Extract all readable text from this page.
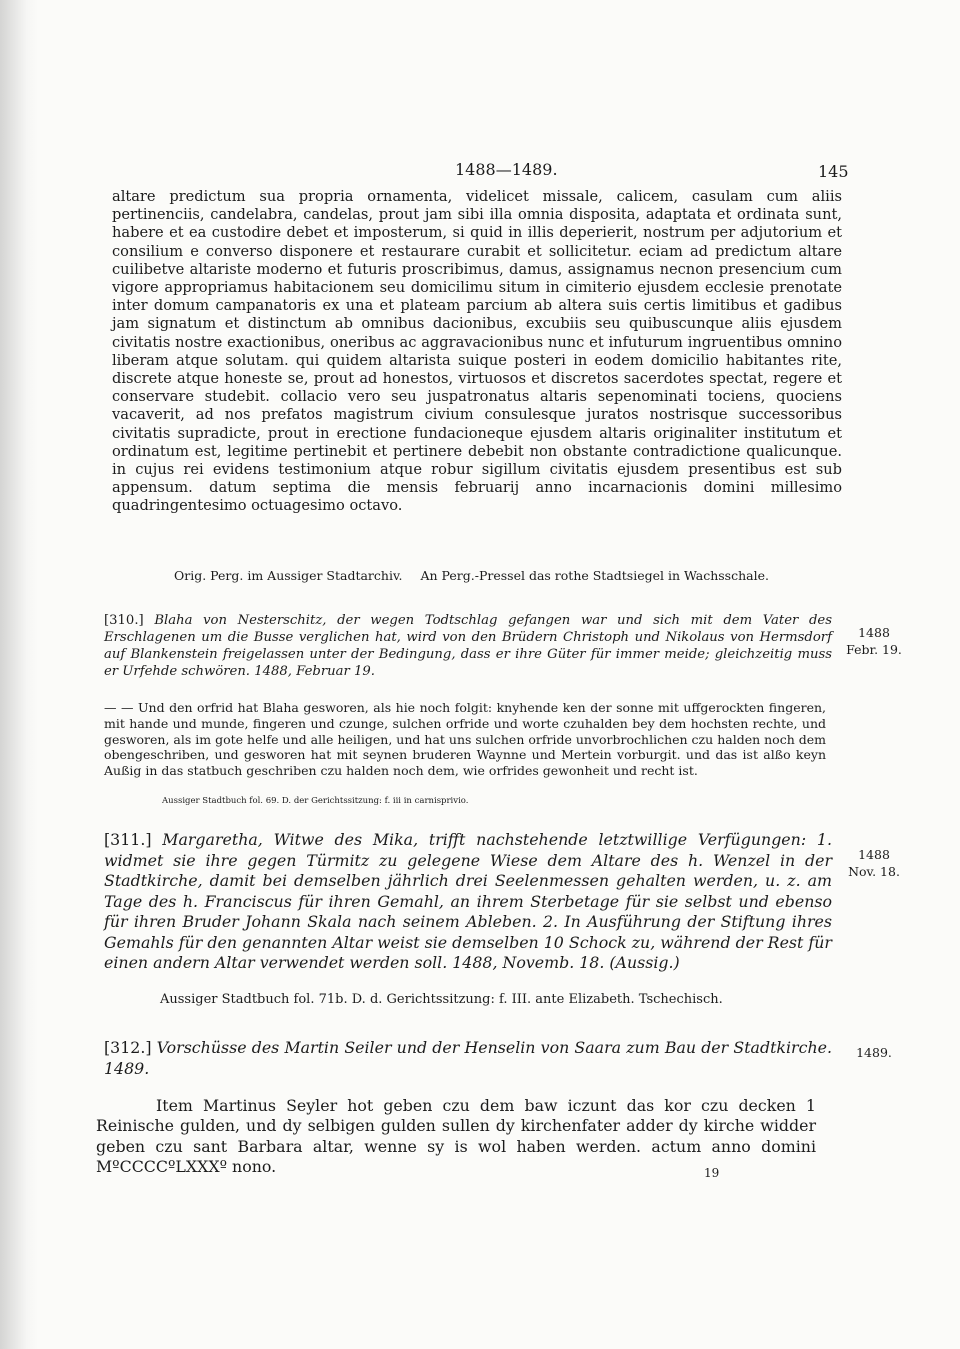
1488—1489.	145
altare predictum sua propria ornamenta, videlicet missale, calicem, casulam cum aliis pertinenciis, candelabra, candelas, prout jam sibi illa omnia disposita, adaptata et ordinata sunt, habere et ea custodire debet et imposterum, si quid in illis deperierit, nostrum per adjutorium et consilium e converso disponere et restaurare curabit et sollicitetur. eciam ad predictum altare cuilibetve altariste moderno et futuris proscribimus, damus, assignamus necnon presencium cum vigore appropriamus habitacionem seu domicilimu situm in cimiterio ejusdem ecclesie prenotate inter domum campanatoris ex una et plateam parcium ab altera suis certis limitibus et gadibus jam signatum et distinctum ab omnibus dacionibus, excubiis seu quibuscunque aliis ejusdem civitatis nostre exactionibus, oneribus ac aggravacionibus nunc et infuturum ingruentibus omnino liberam atque solutam. qui quidem altarista suique posteri in eodem domicilio habitantes rite, discrete atque honeste se, prout ad honestos, virtuosos et discretos sacerdotes spectat, regere et conservare studebit. collacio vero seu juspatronatus altaris sepenominati tociens, quociens vacaverit, ad nos prefatos magistrum civium consulesque juratos nostrisque successoribus civitatis supradicte, prout in erectione fundacioneque ejusdem altaris originaliter institutum et ordinatum est, legitime pertinebit et pertinere debebit non obstante contradictione qualicunque. in cujus rei evidens testimonium atque robur sigillum civitatis ejusdem presentibus est sub appensum. datum septima die mensis februarij anno incarnacionis domini millesimo quadringentesimo octuagesimo octavo.
Orig. Perg. im Aussiger Stadtarchiv. An Perg.-Pressel das rothe Stadtsiegel in Wachsschale.
[310.] Blaha von Nesterschitz, der wegen Todtschlag gefangen war und sich mit dem Vater des Erschlagenen um die Busse verglichen hat, wird von den Brüdern Christoph und Nikolaus von Hermsdorf auf Blankenstein freigelassen unter der Bedingung, dass er ihre Güter für immer meide; gleichzeitig muss er Urfehde schwören. 1488, Februar 19.
1488 Febr. 19.
— — Und den orfrid hat Blaha gesworen, als hie noch folgit: knyhende ken der sonne mit uffgerockten fingeren, mit hande und munde, fingeren und czunge, sulchen orfride und worte czuhalden bey dem hochsten rechte, und gesworen, als im gote helfe und alle heiligen, und hat uns sulchen orfride unvorbrochlichen czu halden noch dem obengeschriben, und gesworen hat mit seynen bruderen Waynne und Mertein vorburgit. und das ist alßo keyn Außig in das statbuch geschriben czu halden noch dem, wie orfrides gewonheit und recht ist.
Aussiger Stadtbuch fol. 69. D. der Gerichtssitzung: f. iii in carnisprivio.
[311.] Margaretha, Witwe des Mika, trifft nachstehende letztwillige Verfügungen: 1. widmet sie ihre gegen Türmitz zu gelegene Wiese dem Altare des h. Wenzel in der Stadtkirche, damit bei demselben jährlich drei Seelenmessen gehalten werden, u. z. am Tage des h. Franciscus für ihren Gemahl, an ihrem Sterbetage für sie selbst und ebenso für ihren Bruder Johann Skala nach seinem Ableben. 2. In Ausführung der Stiftung ihres Gemahls für den genannten Altar weist sie demselben 10 Schock zu, während der Rest für einen andern Altar verwendet werden soll. 1488, Novemb. 18. (Aussig.)
1488 Nov. 18.
Aussiger Stadtbuch fol. 71b. D. d. Gerichtssitzung: f. III. ante Elizabeth. Tschechisch.
[312.] Vorschüsse des Martin Seiler und der Henselin von Saara zum Bau der Stadtkirche. 1489.
1489.
Item Martinus Seyler hot geben czu dem baw iczunt das kor czu decken 1 Reinische gulden, und dy selbigen gulden sullen dy kirchenfater adder dy kirche widder geben czu sant Barbara altar, wenne sy is wol haben werden. actum anno domini MºCCCCºLXXXº nono.	19
